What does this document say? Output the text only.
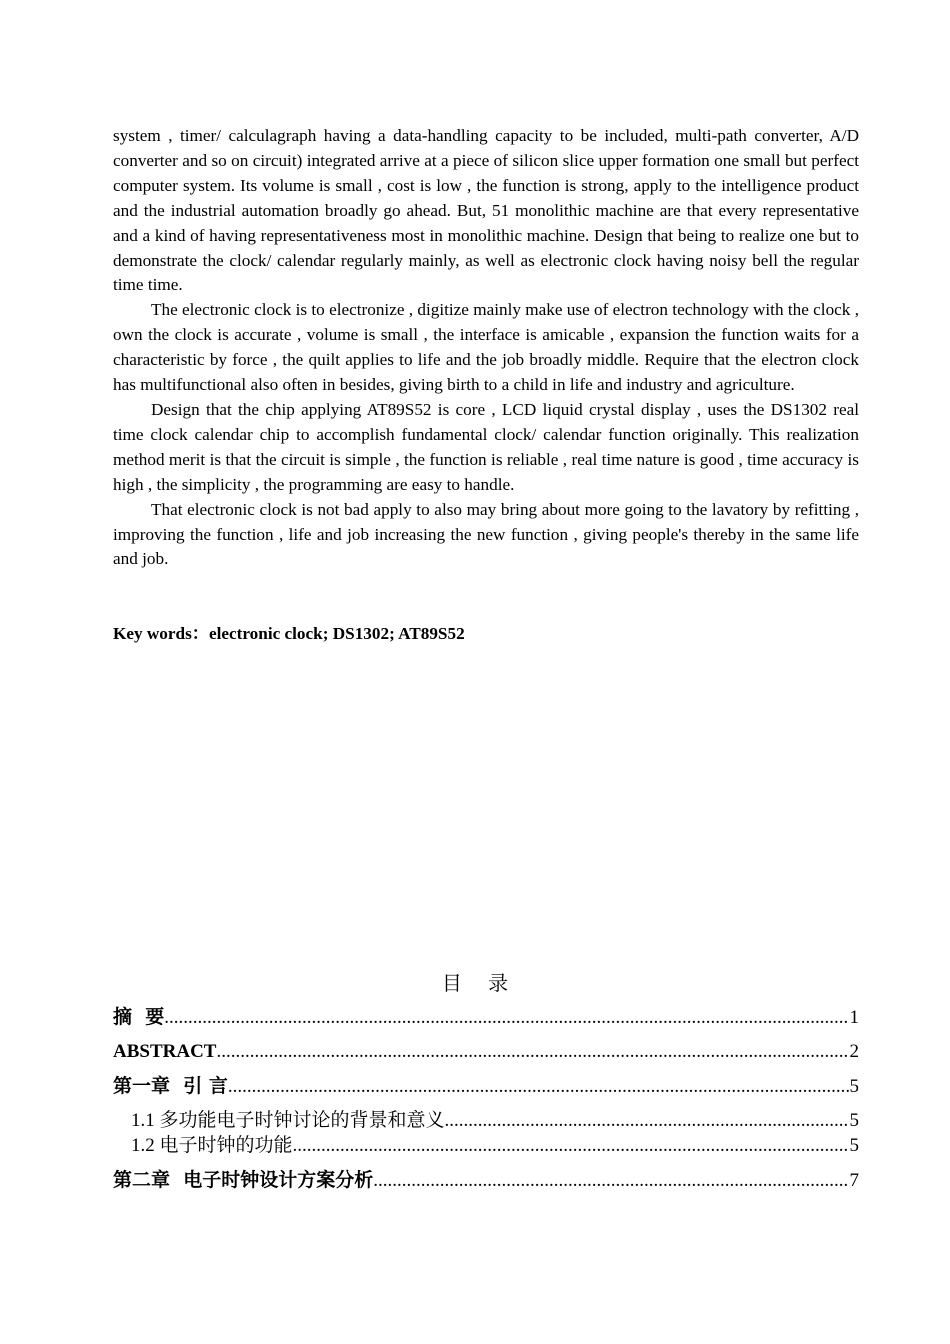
system , timer/ calculagraph having a data-handling capacity to be included, multi-path converter, A/D converter and so on circuit) integrated arrive at a piece of silicon slice upper formation one small but perfect computer system. Its volume is small , cost is low , the function is strong, apply to the intelligence product and the industrial automation broadly go ahead. But, 51 monolithic machine are that every representative and a kind of having representativeness most in monolithic machine. Design that being to realize one but to demonstrate the clock/ calendar regularly mainly, as well as electronic clock having noisy bell the regular time time.

The electronic clock is to electronize , digitize mainly make use of electron technology with the clock , own the clock is accurate , volume is small , the interface is amicable , expansion the function waits for a characteristic by force , the quilt applies to life and the job broadly middle. Require that the electron clock has multifunctional also often in besides, giving birth to a child in life and industry and agriculture.

Design that the chip applying AT89S52 is core , LCD liquid crystal display , uses the DS1302 real time clock calendar chip to accomplish fundamental clock/ calendar function originally. This realization method merit is that the circuit is simple , the function is reliable , real time nature is good , time accuracy is high , the simplicity , the programming are easy to handle.

That electronic clock is not bad apply to also may bring about more going to the lavatory by refitting , improving the function , life and job increasing the new function , giving people's thereby in the same life and job.

Key words：electronic clock; DS1302; AT89S52
目 录
摘  要 .....	1
ABSTRACT .....	2
第一章  引 言 .....	5
1.1 多功能电子时钟讨论的背景和意义 .....	5
1.2 电子时钟的功能 .....	5
第二章  电子时钟设计方案分析 .....	7
